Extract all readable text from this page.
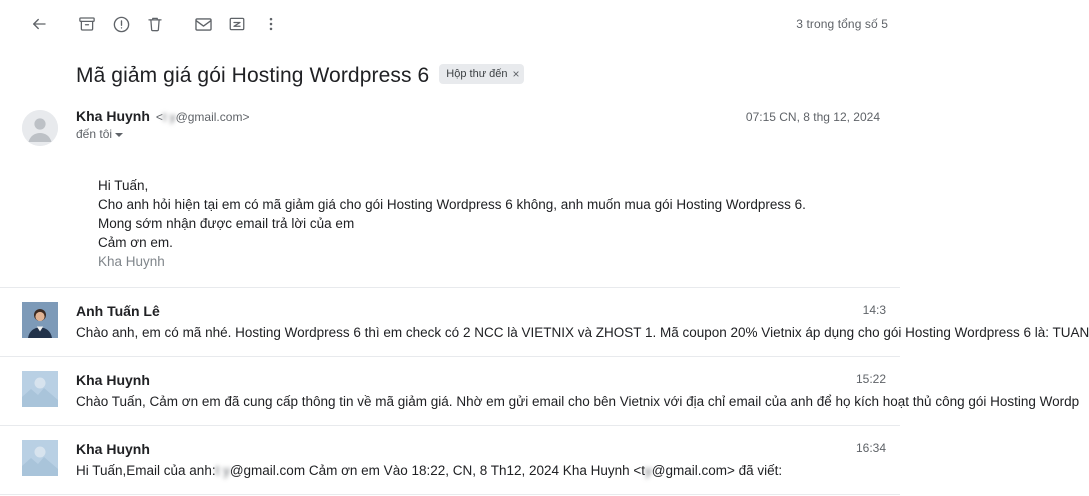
3 trong tổng số 5
Mã giảm giá gói Hosting Wordpress 6 Hộp thư đến ×
Kha Huynh <t y@gmail.com>
đến tôi
07:15 CN, 8 thg 12, 2024

Hi Tuấn,

Cho anh hỏi hiện tại em có mã giảm giá cho gói Hosting Wordpress 6 không, anh muốn mua gói Hosting Wordpress 6.

Mong sớm nhận được email trả lời của em

Cảm ơn em.

Kha Huynh

Anh Tuấn Lê
Chào anh, em có mã nhé. Hosting Wordpress 6 thì em check có 2 NCC là VIETNIX và ZHOST 1. Mã coupon 20% Vietnix áp dụng cho gói Hosting Wordpress 6 là: TUAN
14:3
Kha Huynh
Chào Tuấn, Cảm ơn em đã cung cấp thông tin về mã giảm giá. Nhờ em gửi email cho bên Vietnix với địa chỉ email của anh để họ kích hoạt thủ công gói Hosting Wordp
15:22
Kha Huynh
Hi Tuấn,Email của anh:t y@gmail.com Cảm ơn em Vào 18:22, CN, 8 Th12, 2024 Kha Huynh <ty@gmail.com> đã viết:
16:34
